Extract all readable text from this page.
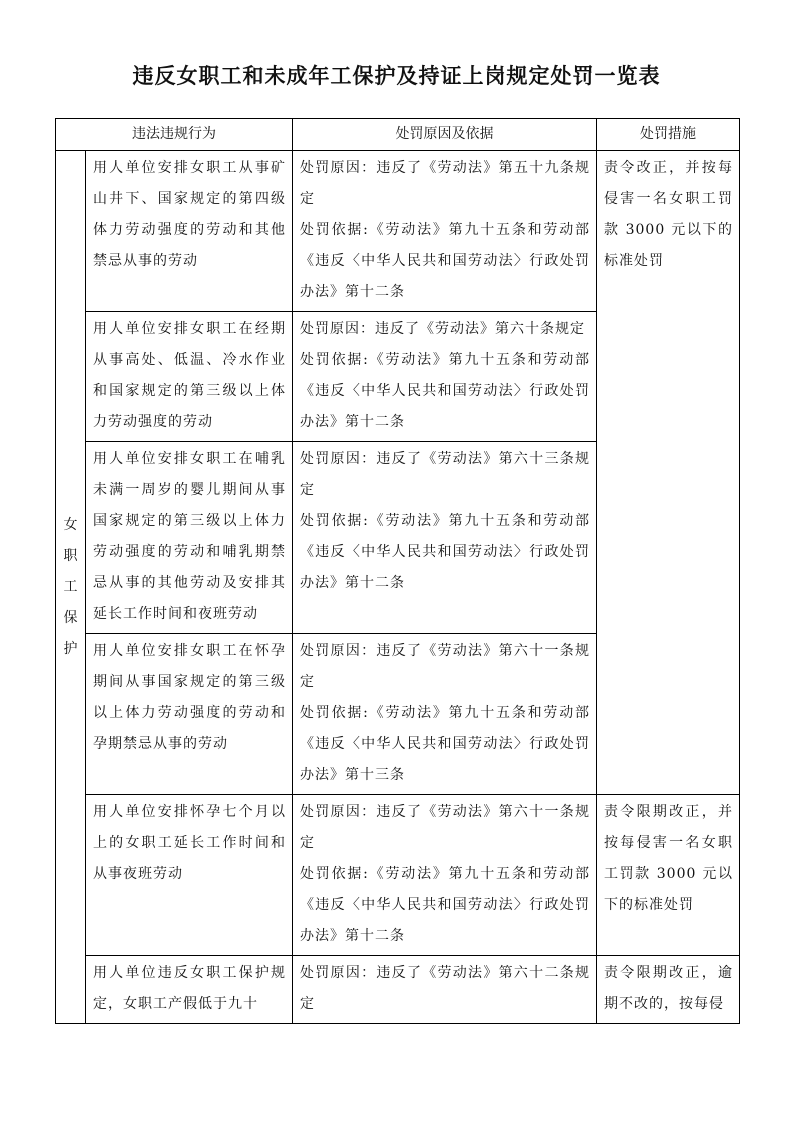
违反女职工和未成年工保护及持证上岗规定处罚一览表
违法违规行为		处罚原因及依据	处罚措施
女职工保护	用人单位安排女职工从事矿山井下、国家规定的第四级体力劳动强度的劳动和其他禁忌从事的劳动	处罚原因：违反了《劳动法》第五十九条规定
处罚依据:《劳动法》第九十五条和劳动部《违反〈中华人民共和国劳动法〉行政处罚办法》第十二条	责令改正，并按每侵害一名女职工罚款 3000 元以下的标准处罚
	用人单位安排女职工在经期从事高处、低温、冷水作业和国家规定的第三级以上体力劳动强度的劳动	处罚原因：违反了《劳动法》第六十条规定
处罚依据:《劳动法》第九十五条和劳动部《违反〈中华人民共和国劳动法〉行政处罚办法》第十二条	

	用人单位安排女职工在哺乳未满一周岁的婴儿期间从事国家规定的第三级以上体力劳动强度的劳动和哺乳期禁忌从事的其他劳动及安排其延长工作时间和夜班劳动	处罚原因：违反了《劳动法》第六十三条规定
处罚依据:《劳动法》第九十五条和劳动部《违反〈中华人民共和国劳动法〉行政处罚办法》第十二条	

	用人单位安排女职工在怀孕期间从事国家规定的第三级以上体力劳动强度的劳动和孕期禁忌从事的劳动	处罚原因：违反了《劳动法》第六十一条规定
处罚依据:《劳动法》第九十五条和劳动部《违反〈中华人民共和国劳动法〉行政处罚办法》第十三条	

	用人单位安排怀孕七个月以上的女职工延长工作时间和从事夜班劳动	处罚原因：违反了《劳动法》第六十一条规定
处罚依据:《劳动法》第九十五条和劳动部《违反〈中华人民共和国劳动法〉行政处罚办法》第十二条	责令限期改正，并按每侵害一名女职工罚款 3000 元以下的标准处罚
	用人单位违反女职工保护规定，女职工产假低于九十	处罚原因：违反了《劳动法》第六十二条规定	责令限期改正，逾期不改的，按每侵
